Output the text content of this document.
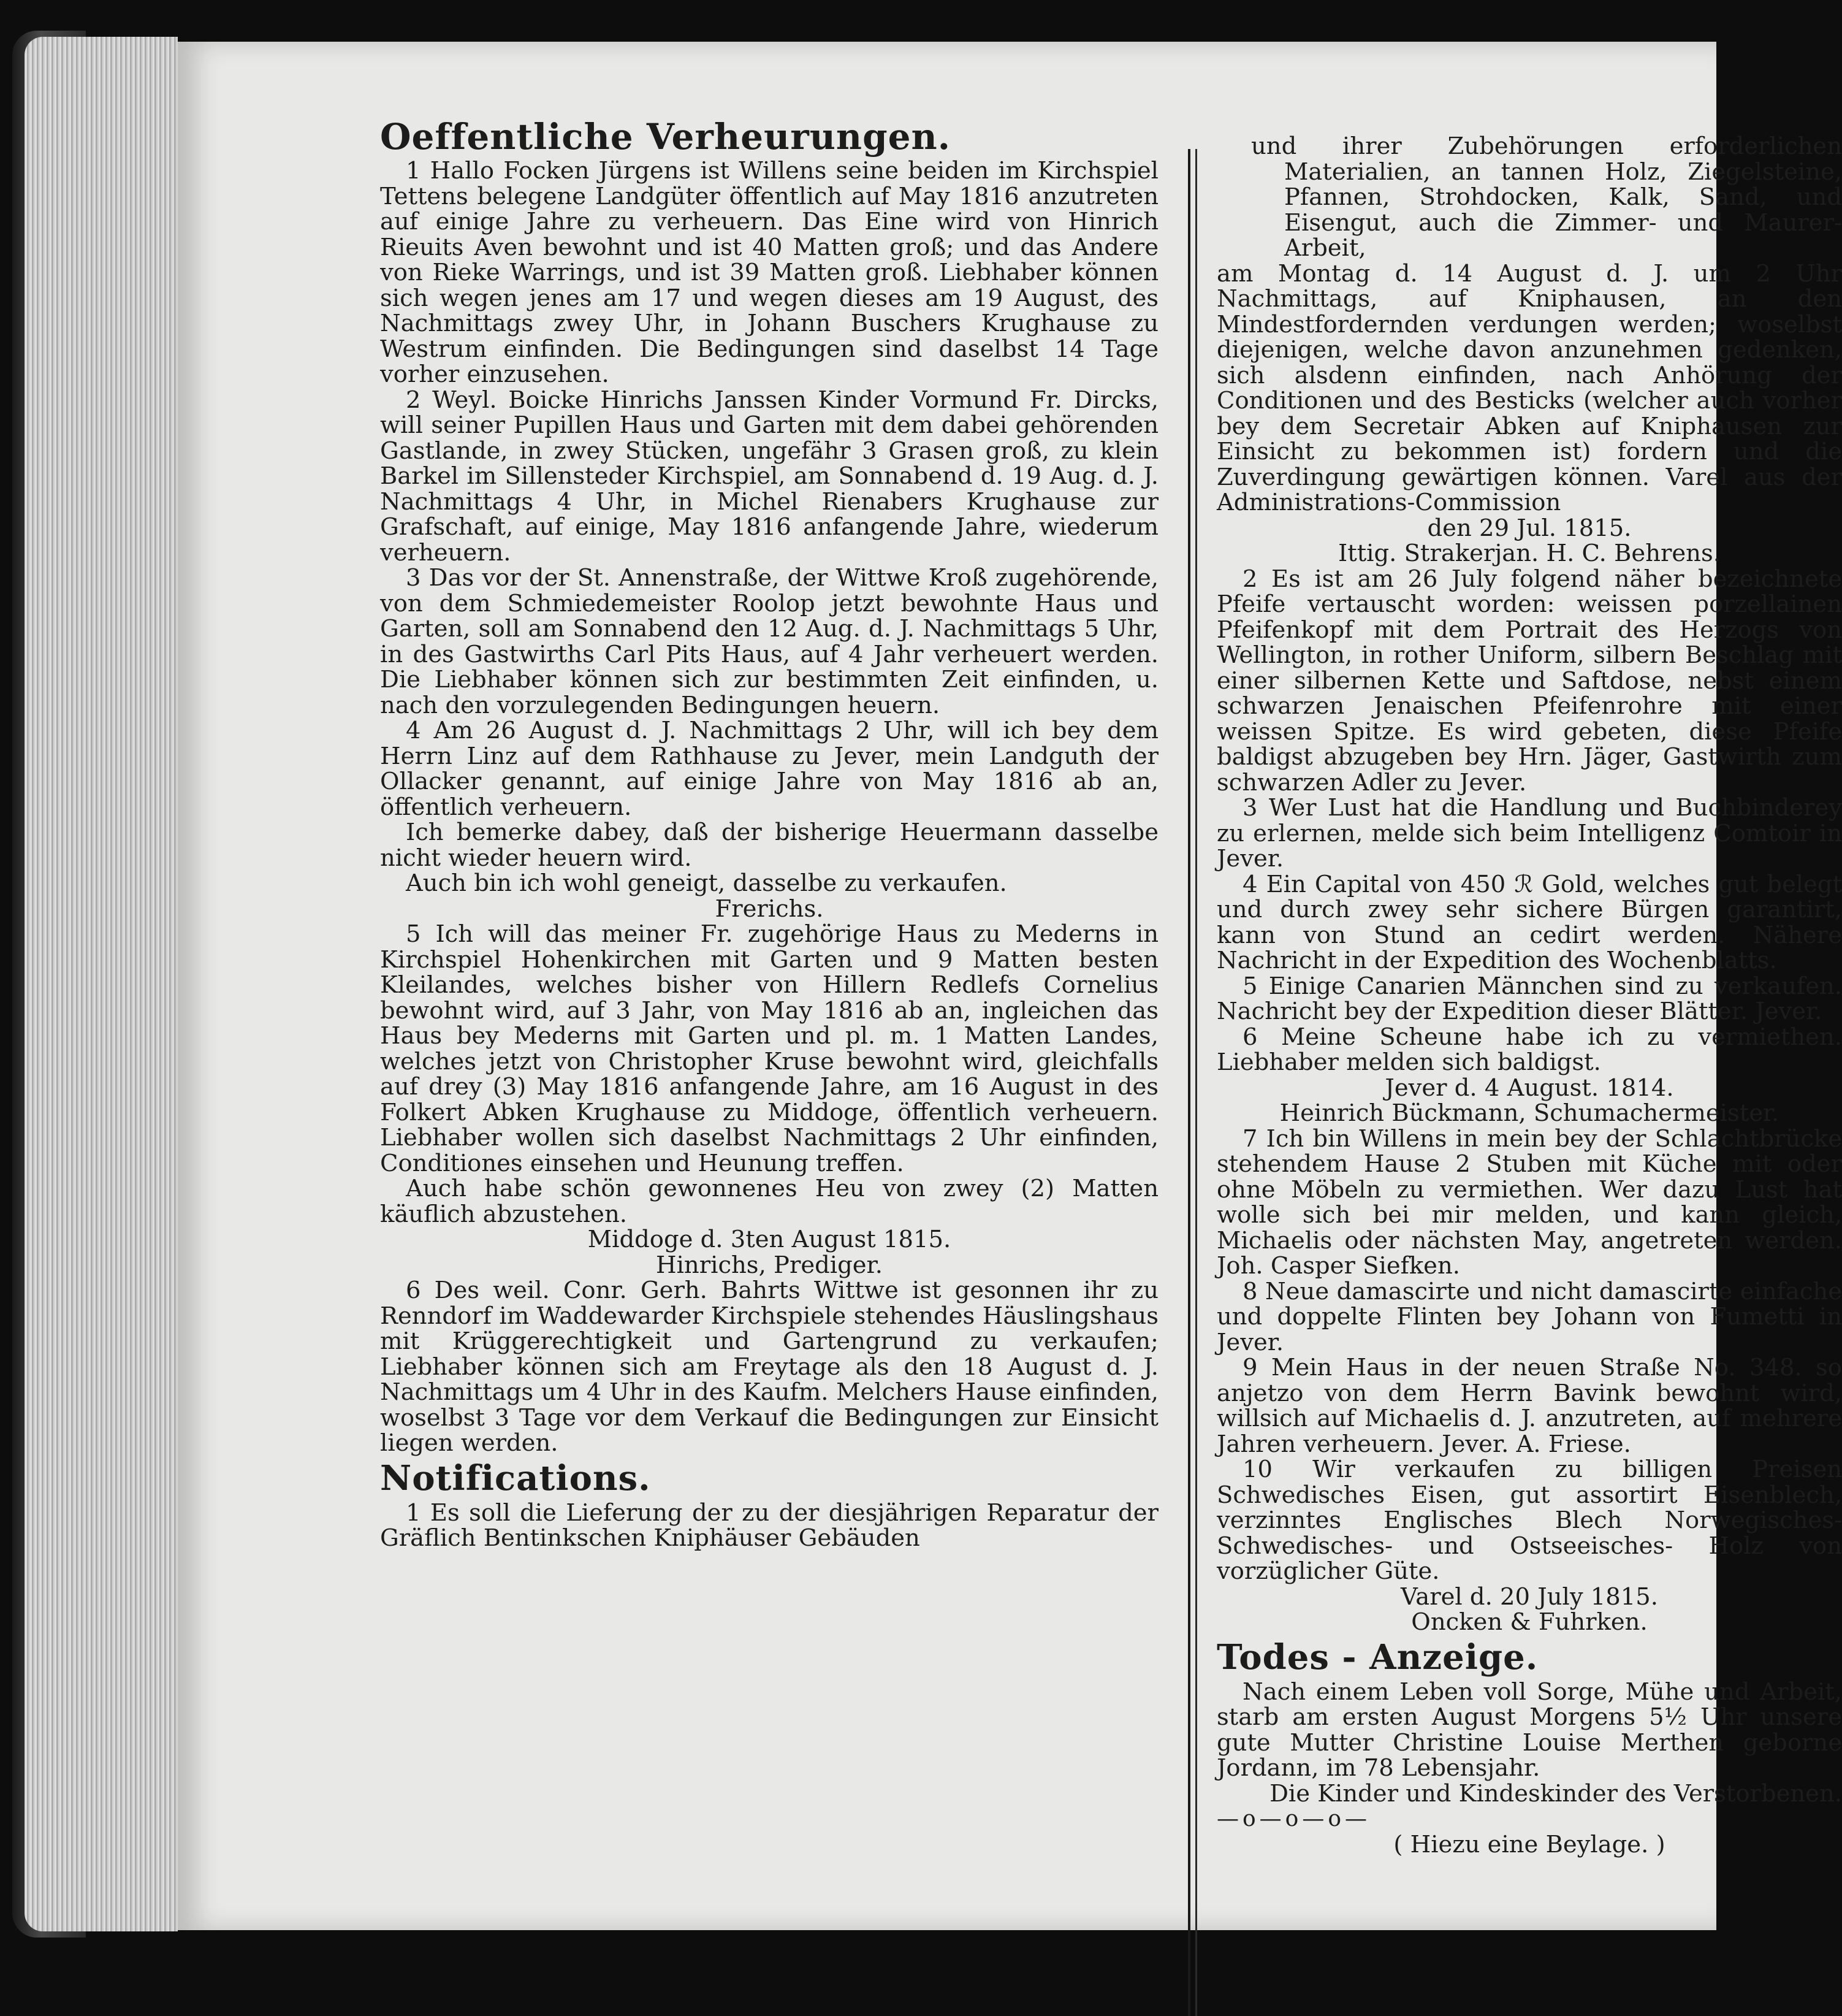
Oeffentliche Verheurungen.

1 Hallo Focken Jürgens ist Willens seine beiden im Kirchspiel Tettens belegene Landgüter öffentlich auf May 1816 anzutreten auf einige Jahre zu verheuern. Das Eine wird von Hinrich Rieuits Aven bewohnt und ist 40 Matten groß; und das Andere von Rieke Warrings, und ist 39 Matten groß. Liebhaber können sich wegen jenes am 17 und wegen dieses am 19 August, des Nachmittags zwey Uhr, in Johann Buschers Krughause zu Westrum einfinden. Die Bedingungen sind daselbst 14 Tage vorher einzusehen.

2 Weyl. Boicke Hinrichs Janssen Kinder Vormund Fr. Dircks, will seiner Pupillen Haus und Garten mit dem dabei gehörenden Gastlande, in zwey Stücken, ungefähr 3 Grasen groß, zu klein Barkel im Sillensteder Kirchspiel, am Sonnabend d. 19 Aug. d. J. Nachmittags 4 Uhr, in Michel Rienabers Krughause zur Grafschaft, auf einige, May 1816 anfangende Jahre, wiederum verheuern.

3 Das vor der St. Annenstraße, der Wittwe Kroß zugehörende, von dem Schmiedemeister Roolop jetzt bewohnte Haus und Garten, soll am Sonnabend den 12 Aug. d. J. Nachmittags 5 Uhr, in des Gastwirths Carl Pits Haus, auf 4 Jahr verheuert werden. Die Liebhaber können sich zur bestimmten Zeit einfinden, u. nach den vorzulegenden Bedingungen heuern.

4 Am 26 August d. J. Nachmittags 2 Uhr, will ich bey dem Herrn Linz auf dem Rathhause zu Jever, mein Landguth der Ollacker genannt, auf einige Jahre von May 1816 ab an, öffentlich verheuern.

Ich bemerke dabey, daß der bisherige Heuermann dasselbe nicht wieder heuern wird.

Auch bin ich wohl geneigt, dasselbe zu verkaufen.

Frerichs.

5 Ich will das meiner Fr. zugehörige Haus zu Mederns in Kirchspiel Hohenkirchen mit Garten und 9 Matten besten Kleilandes, welches bisher von Hillern Redlefs Cornelius bewohnt wird, auf 3 Jahr, von May 1816 ab an, ingleichen das Haus bey Mederns mit Garten und pl. m. 1 Matten Landes, welches jetzt von Christopher Kruse bewohnt wird, gleichfalls auf drey (3) May 1816 anfangende Jahre, am 16 August in des Folkert Abken Krughause zu Middoge, öffentlich verheuern. Liebhaber wollen sich daselbst Nachmittags 2 Uhr einfinden, Conditiones einsehen und Heunung treffen.

Auch habe schön gewonnenes Heu von zwey (2) Matten käuflich abzustehen.

Middoge d. 3ten August 1815.

Hinrichs, Prediger.

6 Des weil. Conr. Gerh. Bahrts Wittwe ist gesonnen ihr zu Renndorf im Waddewarder Kirchspiele stehendes Häuslingshaus mit Krüggerechtigkeit und Gartengrund zu verkaufen; Liebhaber können sich am Freytage als den 18 August d. J. Nachmittags um 4 Uhr in des Kaufm. Melchers Hause einfinden, woselbst 3 Tage vor dem Verkauf die Bedingungen zur Einsicht liegen werden.

Notifications.

1 Es soll die Lieferung der zu der diesjährigen Reparatur der Gräflich Bentinkschen Kniphäuser Gebäuden

und ihrer Zubehörungen erforderlichen Materialien, an tannen Holz, Ziegelsteine, Pfannen, Strohdocken, Kalk, Sand, und Eisengut, auch die Zimmer- und Maurer-Arbeit,

am Montag d. 14 August d. J. um 2 Uhr Nachmittags, auf Kniphausen, an den Mindestfordernden verdungen werden; woselbst diejenigen, welche davon anzunehmen gedenken, sich alsdenn einfinden, nach Anhörung der Conditionen und des Besticks (welcher auch vorher bey dem Secretair Abken auf Kniphausen zur Einsicht zu bekommen ist) fordern und die Zuverdingung gewärtigen können. Varel aus der Administrations-Commission

den 29 Jul. 1815.

Ittig. Strakerjan. H. C. Behrens.

2 Es ist am 26 July folgend näher bezeichnete Pfeife vertauscht worden: weissen porzellainen Pfeifenkopf mit dem Portrait des Herzogs von Wellington, in rother Uniform, silbern Beschlag mit einer silbernen Kette und Saftdose, nebst einem schwarzen Jenaischen Pfeifenrohre mit einer weissen Spitze. Es wird gebeten, diese Pfeife baldigst abzugeben bey Hrn. Jäger, Gastwirth zum schwarzen Adler zu Jever.

3 Wer Lust hat die Handlung und Buchbinderey zu erlernen, melde sich beim Intelligenz Comtoir in Jever.

4 Ein Capital von 450 ℛ Gold, welches gut belegt und durch zwey sehr sichere Bürgen garantirt, kann von Stund an cedirt werden. Nähere Nachricht in der Expedition des Wochenblatts.

5 Einige Canarien Männchen sind zu verkaufen. Nachricht bey der Expedition dieser Blätter. Jever.

6 Meine Scheune habe ich zu vermiethen. Liebhaber melden sich baldigst.

Jever d. 4 August. 1814.

Heinrich Bückmann, Schumachermeister.

7 Ich bin Willens in mein bey der Schlachtbrücke stehendem Hause 2 Stuben mit Küche mit oder ohne Möbeln zu vermiethen. Wer dazu Lust hat wolle sich bei mir melden, und kann gleich, Michaelis oder nächsten May, angetreten werden. Joh. Casper Siefken.

8 Neue damascirte und nicht damascirte einfache und doppelte Flinten bey Johann von Fumetti in Jever.

9 Mein Haus in der neuen Straße No. 348. so anjetzo von dem Herrn Bavink bewohnt wird, willsich auf Michaelis d. J. anzutreten, auf mehrere Jahren verheuern. Jever. A. Friese.

10 Wir verkaufen zu billigen Preisen Schwedisches Eisen, gut assortirt Eisenblech, verzinntes Englisches Blech Norwegisches- Schwedisches- und Ostseeisches- Holz von vorzüglicher Güte.

Varel d. 20 July 1815.

Oncken & Fuhrken.

Todes - Anzeige.

Nach einem Leben voll Sorge, Mühe und Arbeit, starb am ersten August Morgens 5½ Uhr unsere gute Mutter Christine Louise Merthen geborne Jordann, im 78 Lebensjahr.

Die Kinder und Kindeskinder des Verstorbenen.

—o—o—o—

( Hiezu eine Beylage. )
